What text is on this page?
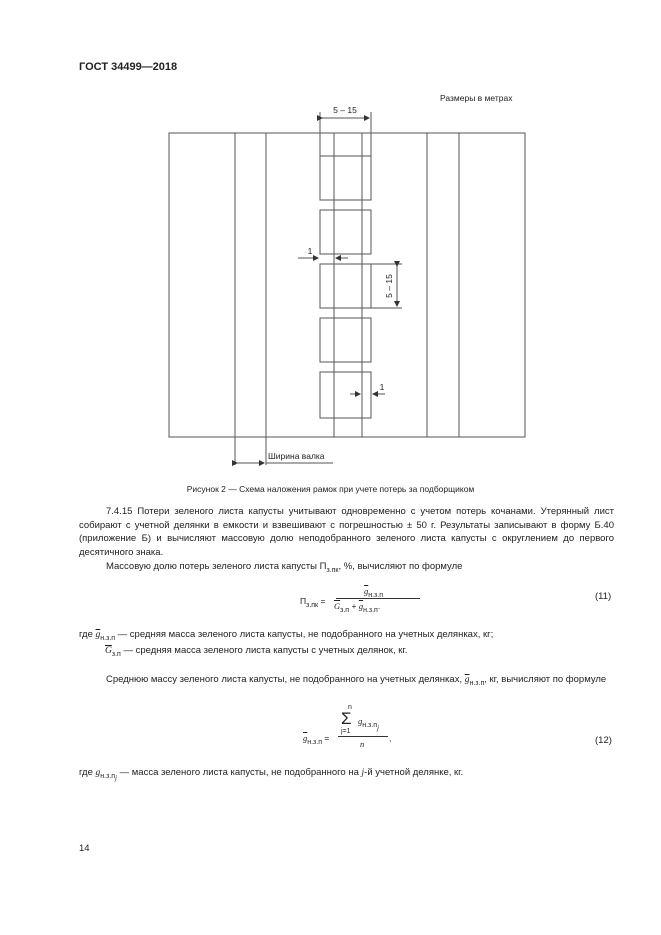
ГОСТ 34499—2018
Размеры в метрах
5 – 15
5 – 15
1
1
Ширина валка
Рисунок 2 — Схема наложения рамок при учете потерь за подборщиком
7.4.15 Потери зеленого листа капусты учитывают одновременно с учетом потерь кочанами. Утерянный лист собирают с учетной делянки в емкости и взвешивают с погрешностью ± 50 г. Результаты записывают в форму Б.40 (приложение Б) и вычисляют массовую долю неподобранного зеленого листа капусты с округлением до первого десятичного знака.
Массовую долю потерь зеленого листа капусты $П_{з.пк}$, %, вычисляют по формуле
$П_{з.пк}$ =
$\overline{g}_{н.з.п}$
$\overline{G}_{з.п} + \overline{g}_{н.з.п}$.
(11)
где $\overline{g}_{н.з.п}$ — средняя масса зеленого листа капусты, не подобранного на учетных делянках, кг;
$\overline{G}_{з.п}$ — средняя масса зеленого листа капусты с учетных делянок, кг.
Среднюю массу зеленого листа капусты, не подобранного на учетных делянках, $\overline{g}_{н.з.п}$, кг, вычисляют по формуле
$\overline{g}_{н.з.п}$ =
n
Σ
j=1
$g_{н.з.пj}$
n
,	(12)
где $g_{н.з.пj}$ — масса зеленого листа капусты, не подобранного на j-й учетной делянке, кг.
14
